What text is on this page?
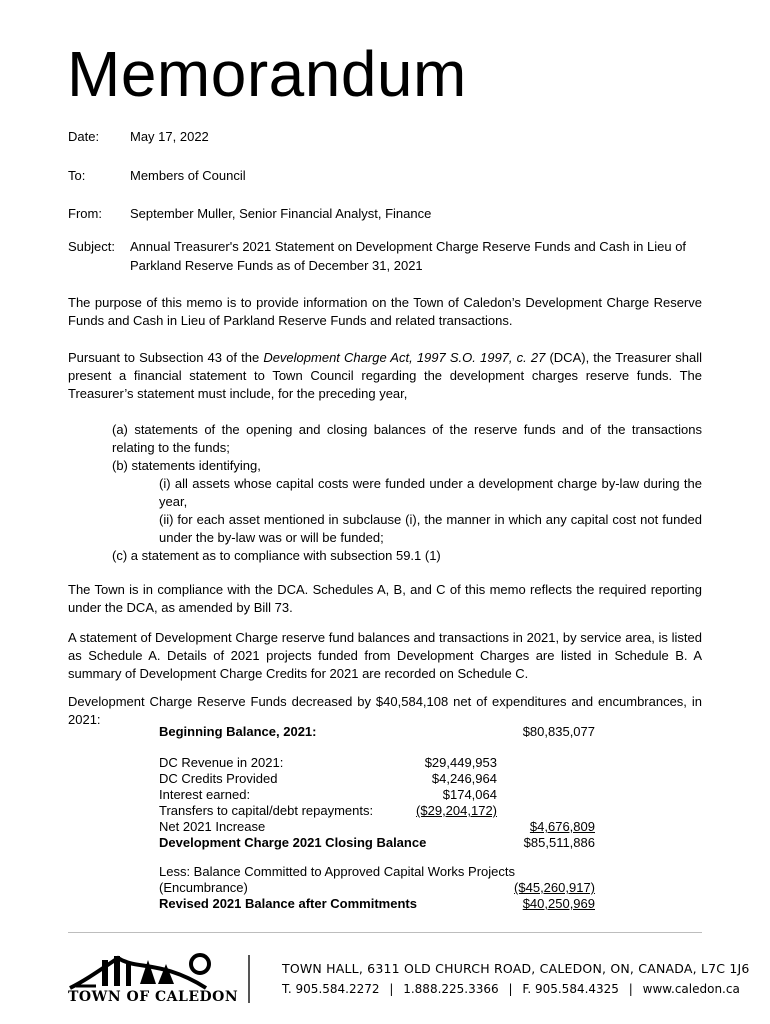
Memorandum
Date: May 17, 2022
To:	Members of Council
From: September Muller, Senior Financial Analyst, Finance
Subject: Annual Treasurer's 2021 Statement on Development Charge Reserve Funds and Cash in Lieu of
Parkland Reserve Funds as of December 31, 2021
The purpose of this memo is to provide information on the Town of Caledon’s Development Charge Reserve Funds and Cash in Lieu of Parkland Reserve Funds and related transactions.
Pursuant to Subsection 43 of the Development Charge Act, 1997 S.O. 1997, c. 27 (DCA), the Treasurer shall present a financial statement to Town Council regarding the development charges reserve funds. The Treasurer’s statement must include, for the preceding year,
(a) statements of the opening and closing balances of the reserve funds and of the transactions relating to the funds;
(b) statements identifying,
(i) all assets whose capital costs were funded under a development charge by-law during the year,
(ii) for each asset mentioned in subclause (i), the manner in which any capital cost not funded under the by-law was or will be funded;
(c) a statement as to compliance with subsection 59.1 (1)
The Town is in compliance with the DCA. Schedules A, B, and C of this memo reflects the required reporting under the DCA, as amended by Bill 73.
A statement of Development Charge reserve fund balances and transactions in 2021, by service area, is listed as Schedule A. Details of 2021 projects funded from Development Charges are listed in Schedule B. A summary of Development Charge Credits for 2021 are recorded on Schedule C.
Development Charge Reserve Funds decreased by $40,584,108 net of expenditures and encumbrances, in 2021:
Beginning Balance, 2021:	$80,835,077
DC Revenue in 2021:	$29,449,953
DC Credits Provided	$4,246,964
Interest earned:	$174,064
Transfers to capital/debt repayments:	($29,204,172)
Net 2021 Increase	$4,676,809
Development Charge 2021 Closing Balance	$85,511,886
Less: Balance Committed to Approved Capital Works Projects
(Encumbrance)	($45,260,917)
Revised 2021 Balance after Commitments	$40,250,969
TOWN OF CALEDON
TOWN HALL, 6311 OLD CHURCH ROAD, CALEDON, ON, CANADA, L7C 1J6
T. 905.584.2272 | 1.888.225.3366 | F. 905.584.4325 | www.caledon.ca
